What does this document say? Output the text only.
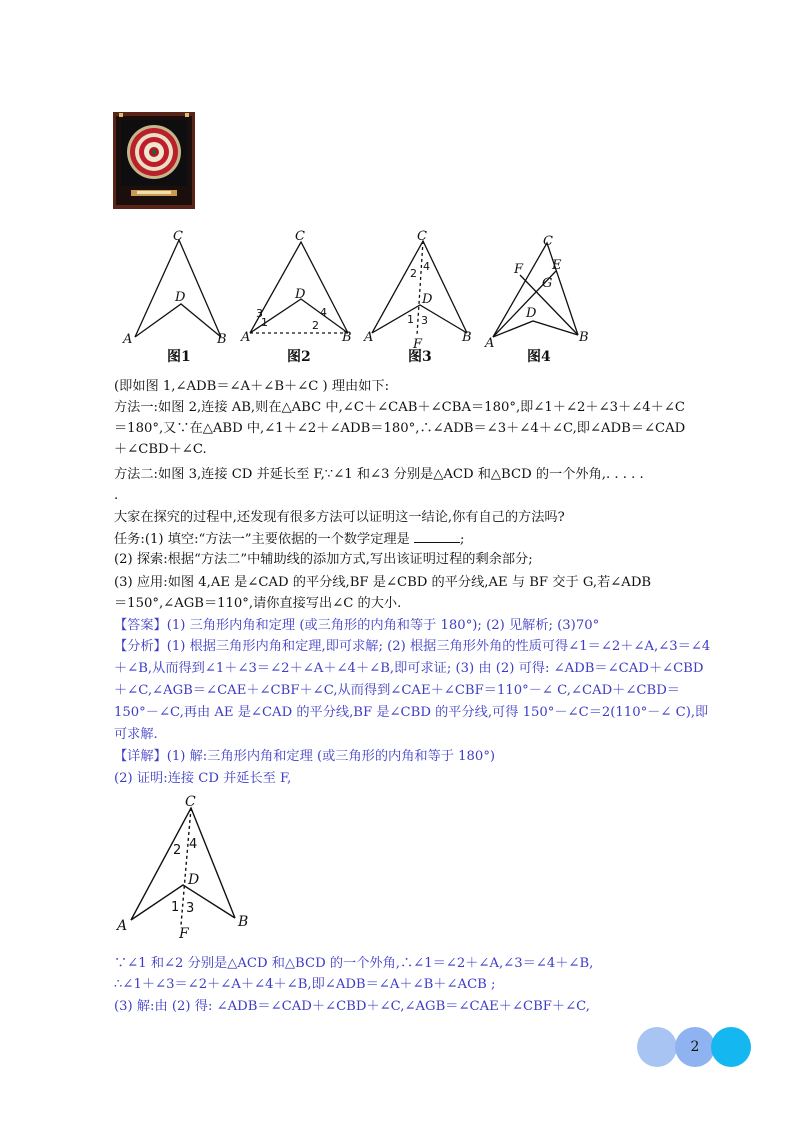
C
D
A	B
C
D
A	B
C
D
A	B
F
C
E
F
G
D
A	B
1	2
3	4
1
2
3
4
图1	图2	图3	图4
(即如图 1,∠ADB＝∠A＋∠B＋∠C ) 理由如下:
方法一:如图 2,连接 AB,则在△ABC 中,∠C＋∠CAB＋∠CBA＝180°,即∠1＋∠2＋∠3＋∠4＋∠C
＝180°,又∵在△ABD 中,∠1＋∠2＋∠ADB＝180°,∴∠ADB＝∠3＋∠4＋∠C,即∠ADB＝∠CAD
＋∠CBD＋∠C.
方法二:如图 3,连接 CD 并延长至 F,∵∠1 和∠3 分别是△ACD 和△BCD 的一个外角,. . . . .
.
大家在探究的过程中,还发现有很多方法可以证明这一结论,你有自己的方法吗?
任务:(1) 填空:“方法一”主要依据的一个数学定理是	;
(2) 探索:根据“方法二”中辅助线的添加方式,写出该证明过程的剩余部分;
(3) 应用:如图 4,AE 是∠CAD 的平分线,BF 是∠CBD 的平分线,AE 与 BF 交于 G,若∠ADB
＝150°,∠AGB＝110°,请你直接写出∠C 的大小.
【答案】(1) 三角形内角和定理 (或三角形的内角和等于 180°); (2) 见解析; (3)70°
【分析】(1) 根据三角形内角和定理,即可求解; (2) 根据三角形外角的性质可得∠1＝∠2＋∠A,∠3＝∠4
＋∠B,从而得到∠1＋∠3＝∠2＋∠A＋∠4＋∠B,即可求证; (3) 由 (2) 可得: ∠ADB＝∠CAD＋∠CBD
＋∠C,∠AGB＝∠CAE＋∠CBF＋∠C,从而得到∠CAE＋∠CBF＝110°－∠ C,∠CAD＋∠CBD＝
150°－∠C,再由 AE 是∠CAD 的平分线,BF 是∠CBD 的平分线,可得 150°－∠C＝2(110°－∠ C),即
可求解.
【详解】(1) 解:三角形内角和定理 (或三角形的内角和等于 180°)
(2) 证明:连接 CD 并延长至 F,
C
D
A	B
F
1
2
3
4
∵∠1 和∠2 分别是△ACD 和△BCD 的一个外角,∴∠1＝∠2＋∠A,∠3＝∠4＋∠B,
∴∠1＋∠3＝∠2＋∠A＋∠4＋∠B,即∠ADB＝∠A＋∠B＋∠ACB ;
(3) 解:由 (2) 得: ∠ADB＝∠CAD＋∠CBD＋∠C,∠AGB＝∠CAE＋∠CBF＋∠C,
2
